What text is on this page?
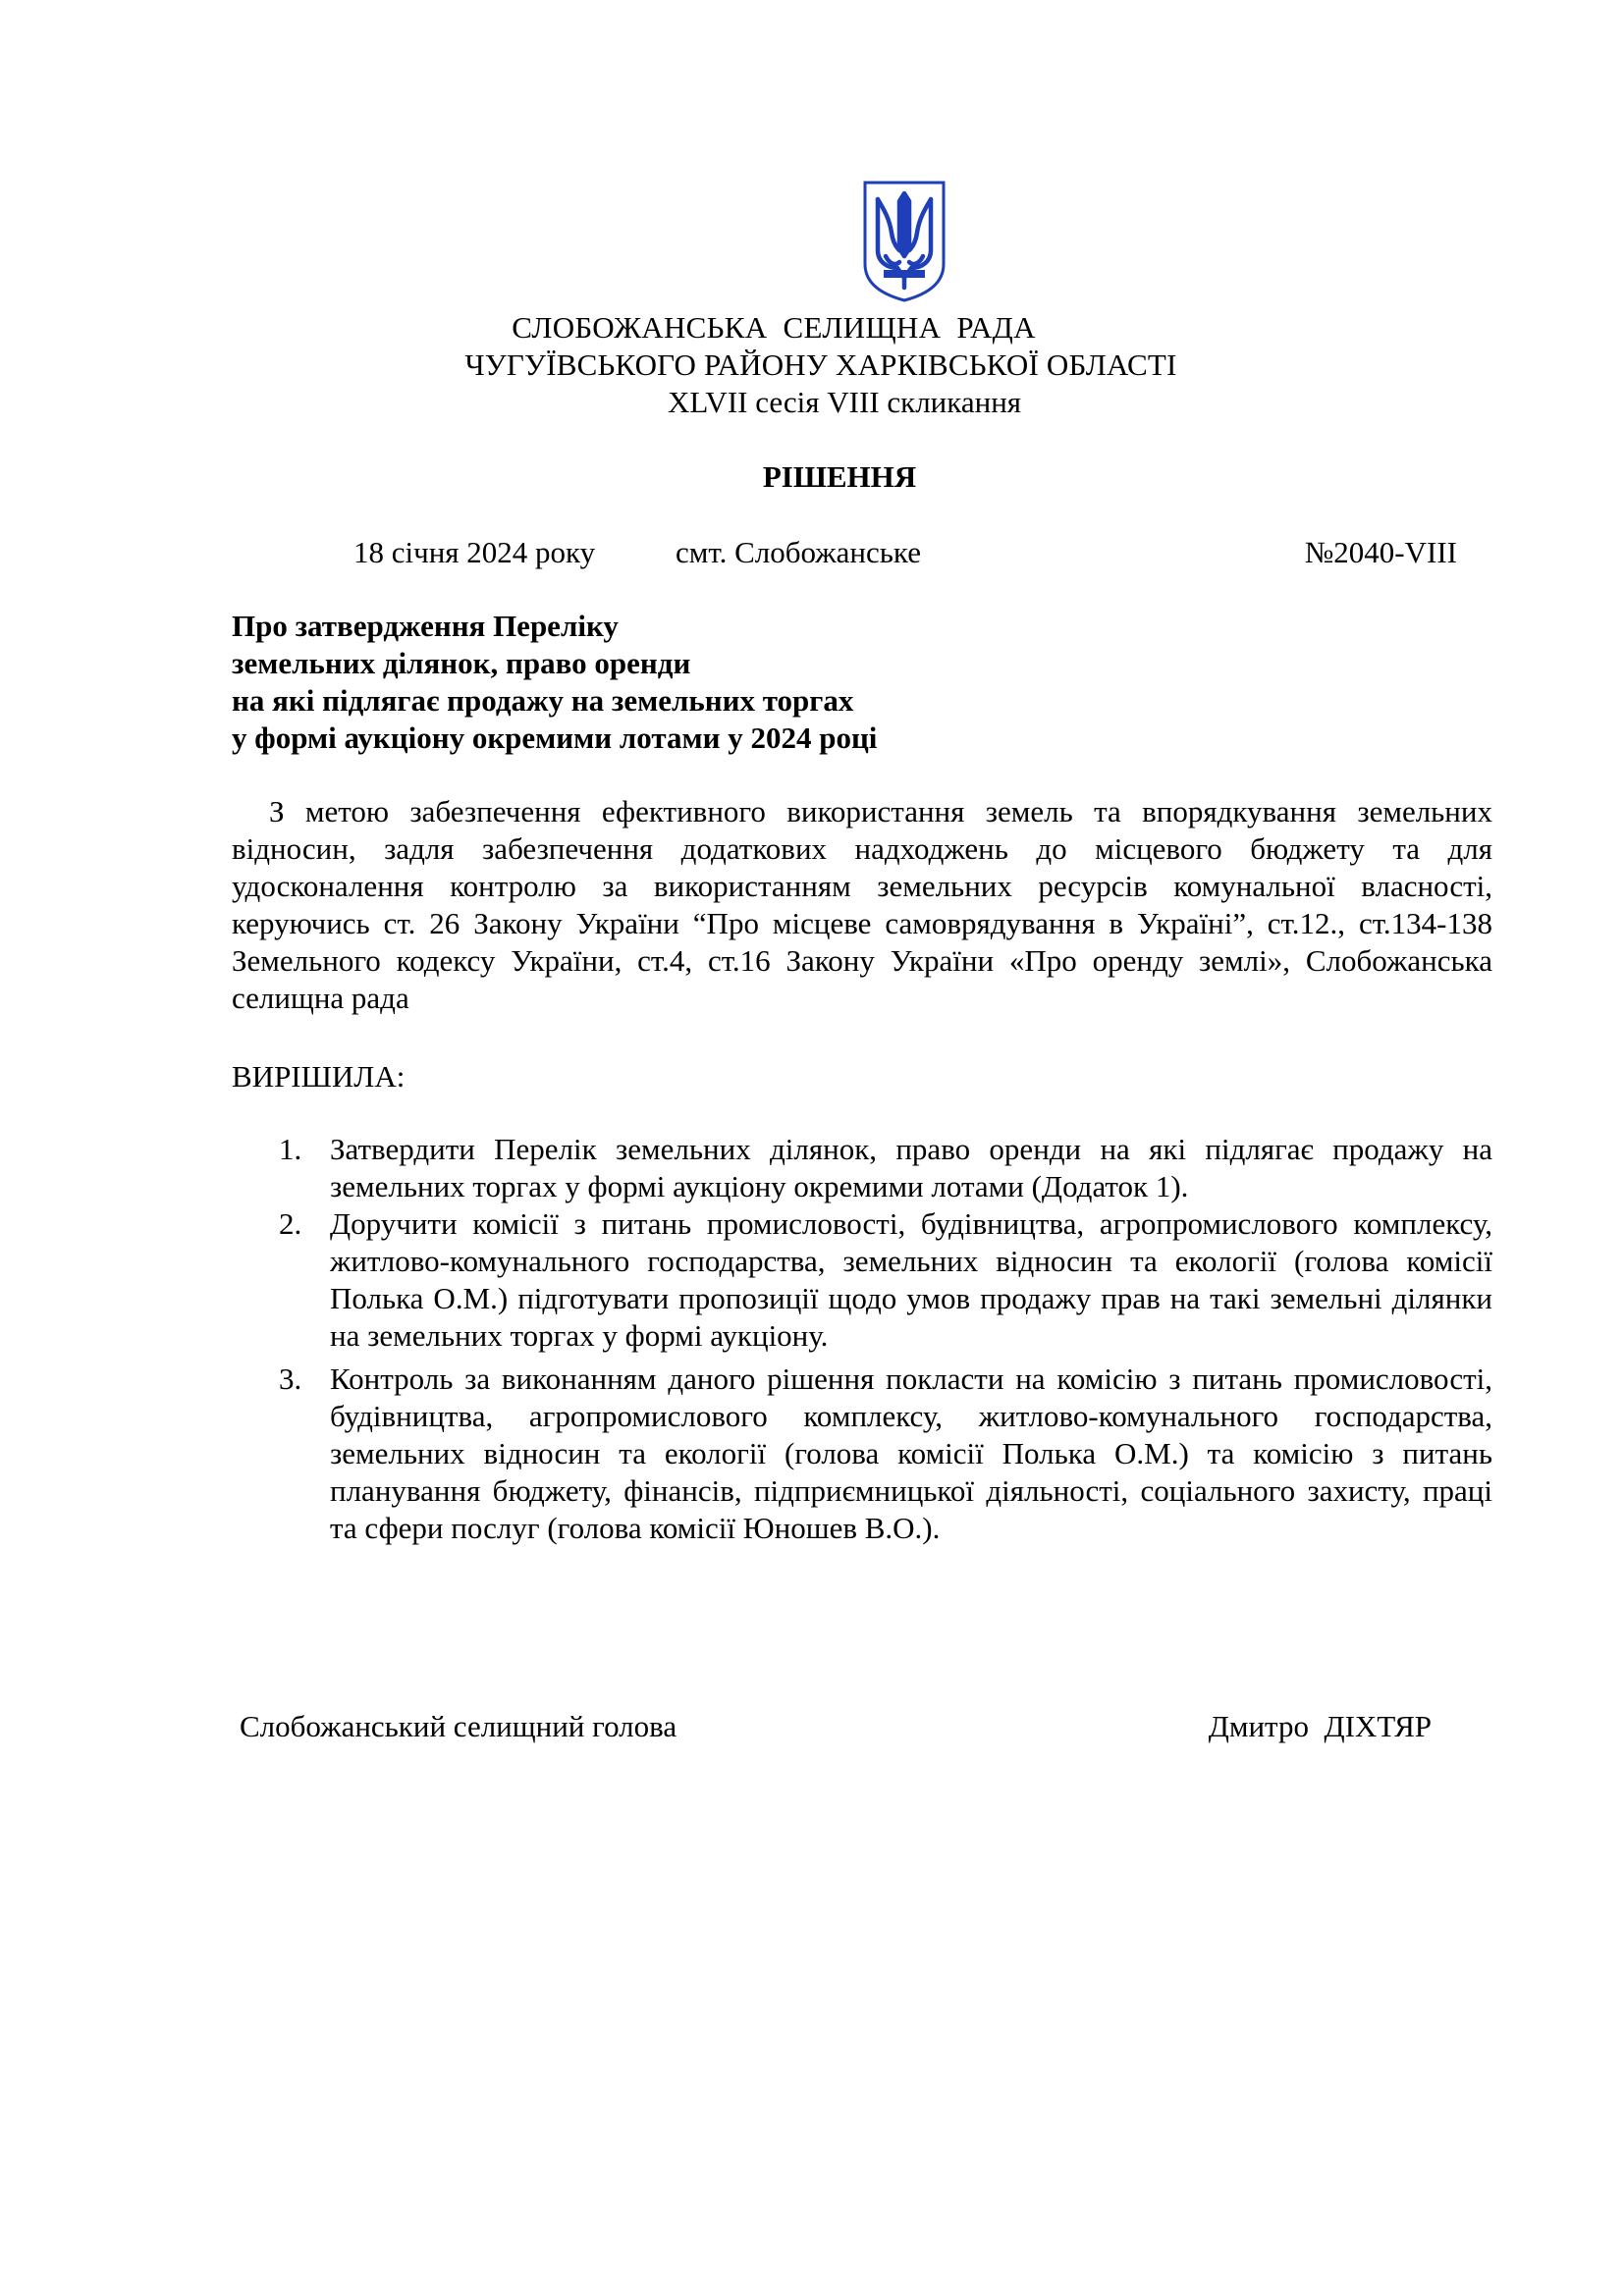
СЛОБОЖАНСЬКА  СЕЛИЩНА  РАДА
ЧУГУЇВСЬКОГО РАЙОНУ ХАРКІВСЬКОЇ ОБЛАСТІ
XLVII сесія VIII скликання
РІШЕННЯ
18 січня 2024 року	смт. Слобожанське	№2040-VIII
Про затвердження Переліку
земельних ділянок, право оренди
на які підлягає продажу на земельних торгах
у формі аукціону окремими лотами у 2024 році
З метою забезпечення ефективного використання земель та впорядкування земельних відносин, задля забезпечення додаткових надходжень до місцевого бюджету та для удосконалення контролю за використанням земельних ресурсів комунальної власності, керуючись ст. 26 Закону України “Про місцеве самоврядування в Україні”, ст.12., ст.134-138 Земельного кодексу України, ст.4, ст.16 Закону України «Про оренду землі», Слобожанська селищна рада
ВИРІШИЛА:
1. Затвердити Перелік земельних ділянок, право оренди на які підлягає продажу на земельних торгах у формі аукціону окремими лотами (Додаток 1).
2. Доручити комісії з питань промисловості, будівництва, агропромислового комплексу, житлово-комунального господарства, земельних відносин та екології (голова комісії Полька О.М.) підготувати пропозиції щодо умов продажу прав на такі земельні ділянки на земельних торгах у формі аукціону.
3. Контроль за виконанням даного рішення покласти на комісію з питань промисловості, будівництва, агропромислового комплексу, житлово-комунального господарства, земельних відносин та екології (голова комісії Полька О.М.) та комісію з питань планування бюджету, фінансів, підприємницької діяльності, соціального захисту, праці та сфери послуг (голова комісії Юношев В.О.).
Слобожанський селищний голова	Дмитро  ДІХТЯР
